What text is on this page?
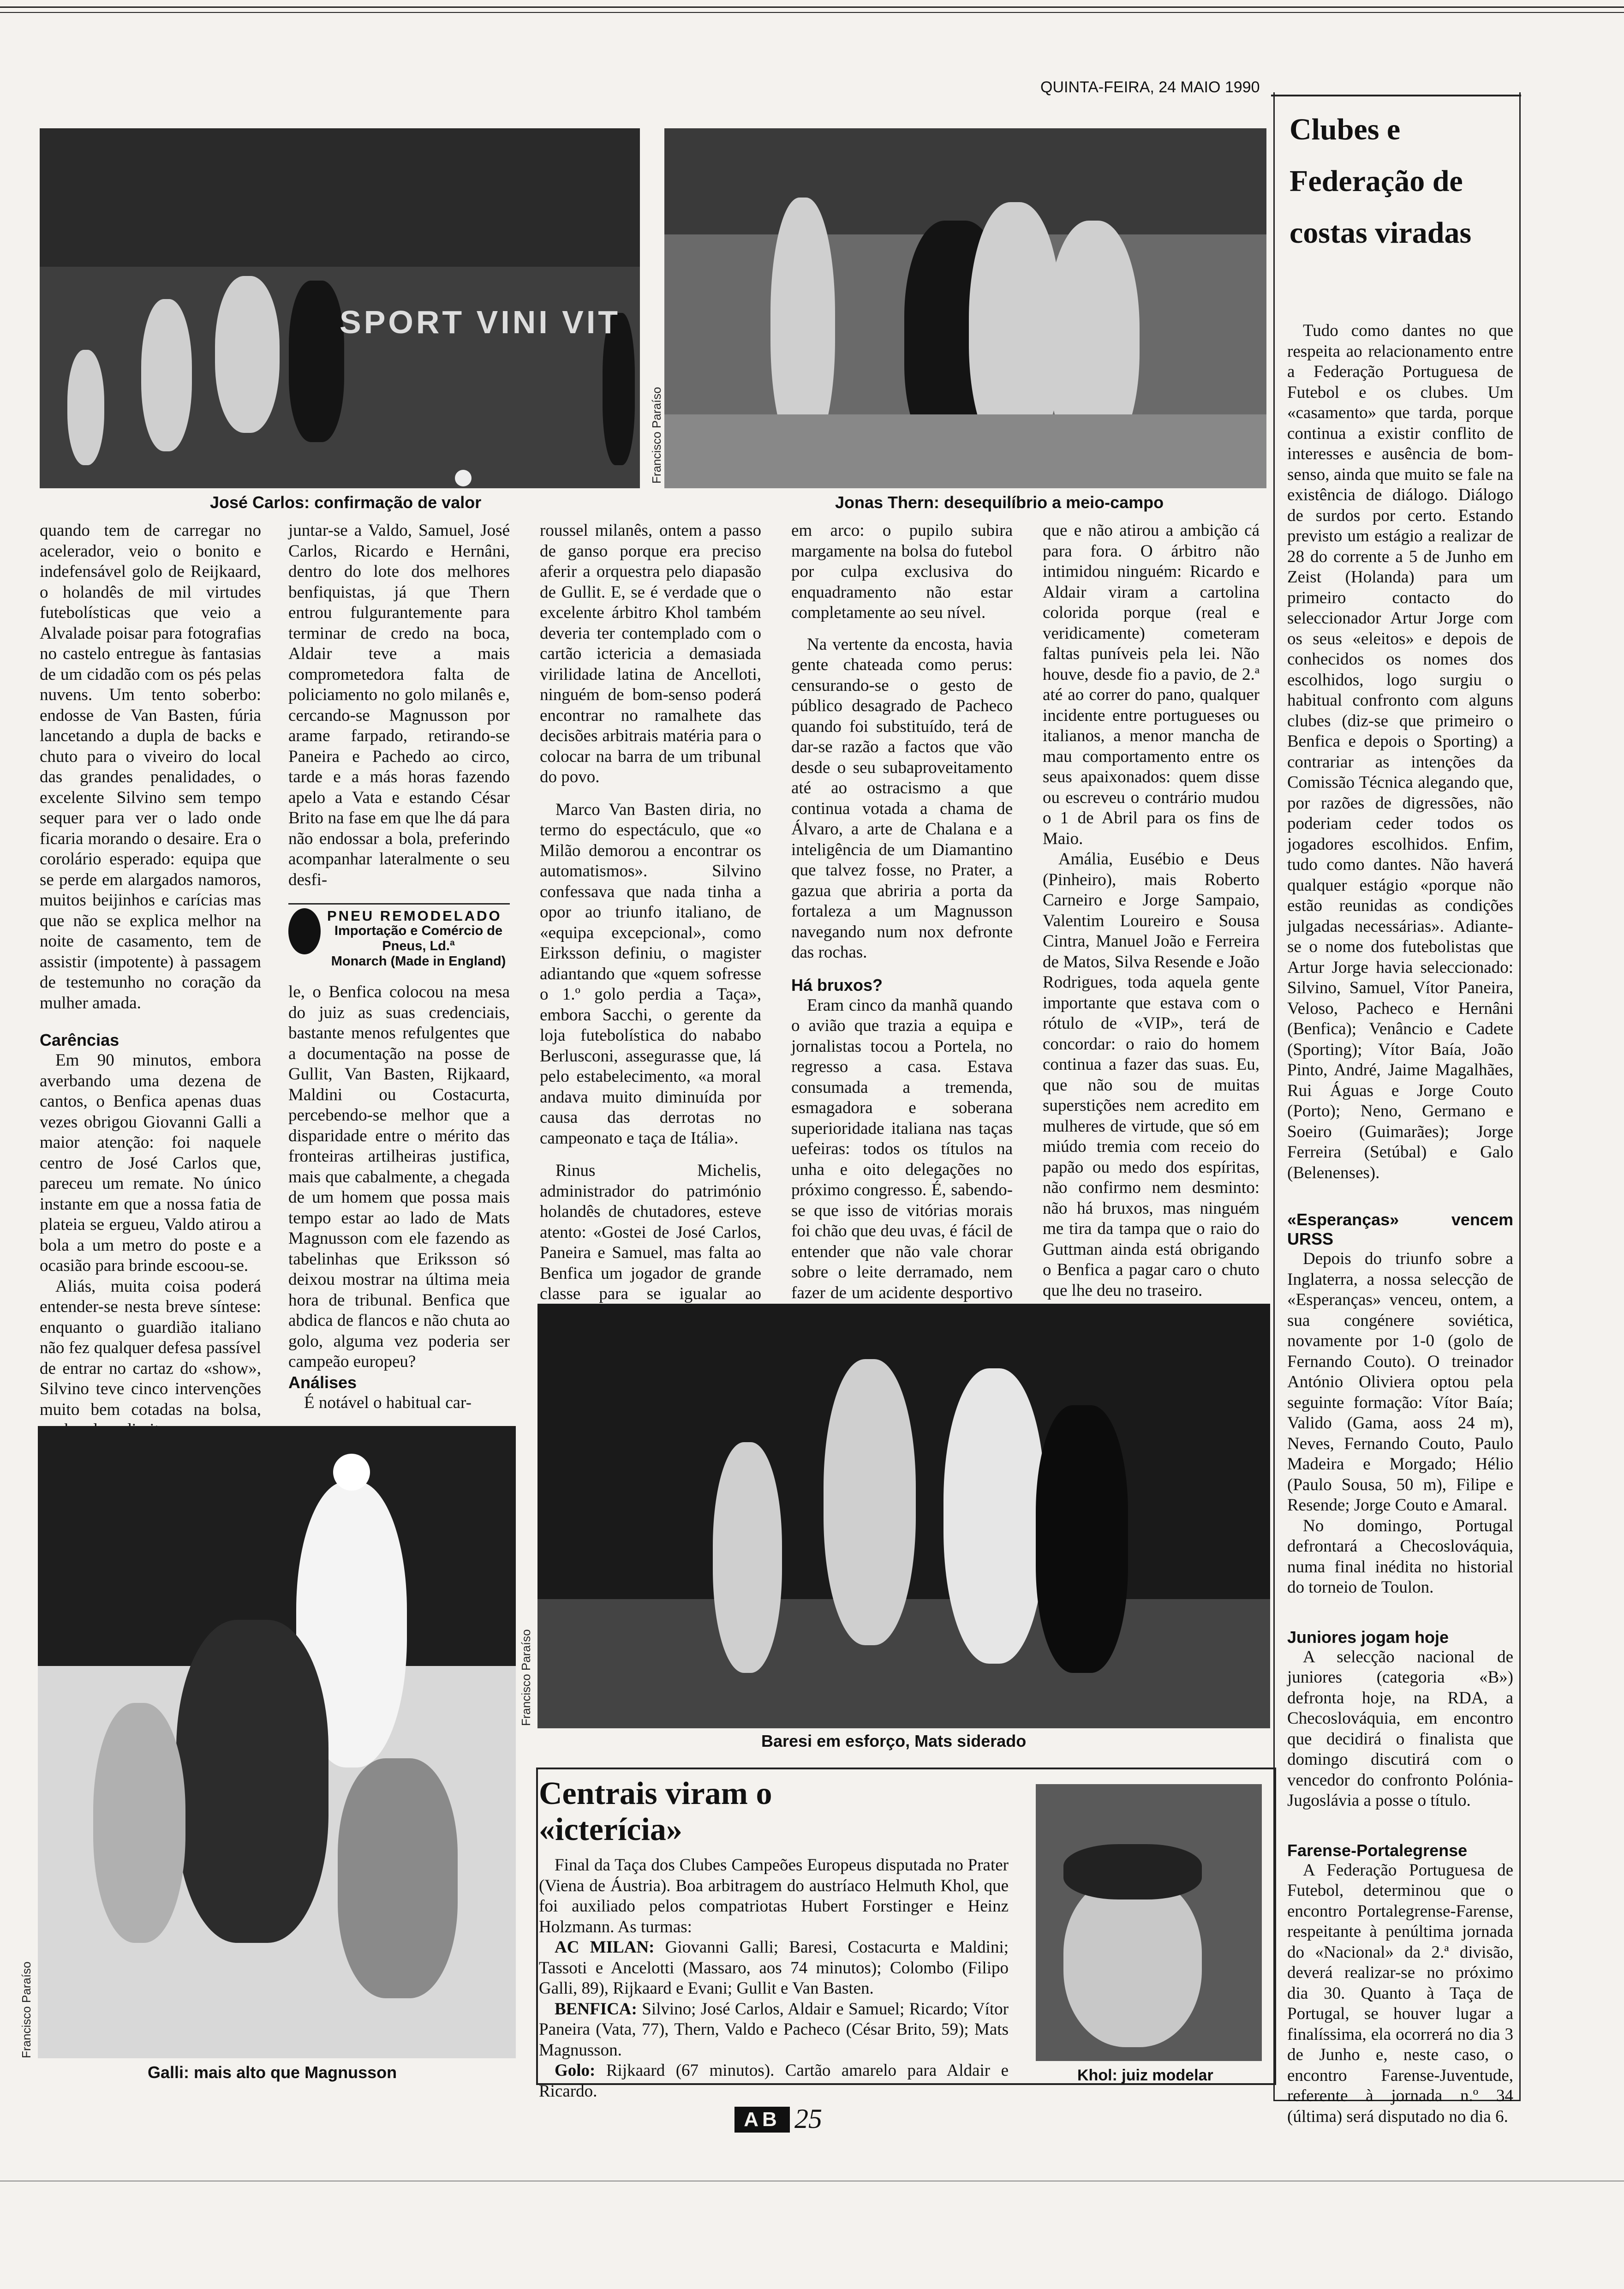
QUINTA-FEIRA, 24 MAIO 1990
SPORT VINI VIT
José Carlos: confirmação de valor
Francisco Paraíso
Jonas Thern: desequilíbrio a meio-campo

quando tem de carregar no acelerador, veio o bonito e indefensável golo de Reijkaard, o holandês de mil virtudes futebolísticas que veio a Alvalade poisar para fotografias no castelo entregue às fantasias de um cidadão com os pés pelas nuvens. Um tento soberbo: endosse de Van Basten, fúria lancetando a dupla de backs e chuto para o viveiro do local das grandes penalidades, o excelente Silvino sem tempo sequer para ver o lado onde ficaria morando o desaire. Era o corolário esperado: equipa que se perde em alargados namoros, muitos beijinhos e carícias mas que não se explica melhor na noite de casamento, tem de assistir (impotente) à passagem de testemunho no coração da mulher amada.

Carências

Em 90 minutos, embora averbando uma dezena de cantos, o Benfica apenas duas vezes obrigou Giovanni Galli a maior atenção: foi naquele centro de José Carlos que, pareceu um remate. No único instante em que a nossa fatia de plateia se ergueu, Valdo atirou a bola a um metro do poste e a ocasião para brinde escoou-se.

Aliás, muita coisa poderá entender-se nesta breve síntese: enquanto o guardião italiano não fez qualquer defesa passível de entrar no cartaz do «show», Silvino teve cinco intervenções muito bem cotadas na bolsa,

juntar-se a Valdo, Samuel, José Carlos, Ricardo e Hernâni, dentro do lote dos melhores benfiquistas, já que Thern entrou fulgurantemente para terminar de credo na boca, Aldair teve a mais comprometedora falta de policiamento no golo milanês e, cercando-se Magnusson por arame farpado, retirando-se Paneira e Pachedo ao circo, tarde e a más horas fazendo apelo a Vata e estando César Brito na fase em que lhe dá para não endossar a bola, preferindo acompanhar lateralmente o seu desfi-

PNEU REMODELADO
Importação e Comércio de Pneus, Ld.ª
Monarch (Made in England)

le, o Benfica colocou na mesa do juiz as suas credenciais, bastante menos refulgentes que a documentação na posse de Gullit, Van Basten, Rijkaard, Maldini ou Costacurta, percebendo-se melhor que a disparidade entre o mérito das fronteiras artilheiras justifica, mais que cabalmente, a chegada de um homem que possa mais tempo estar ao lado de Mats Magnusson com ele fazendo as tabelinhas que Eriksson só deixou mostrar na última meia hora de tribunal. Benfica que abdica de flancos e não chuta ao golo, alguma vez poderia ser campeão europeu?

Análises

É notável o habitual car-

roussel milanês, ontem a passo de ganso porque era preciso aferir a orquestra pelo diapasão de Gullit. E, se é verdade que o excelente árbitro Khol também deveria ter contemplado com o cartão ictericia a demasiada virilidade latina de Ancelloti, ninguém de bom-senso poderá encontrar no ramalhete das decisões arbitrais matéria para o colocar na barra de um tribunal do povo.

Marco Van Basten diria, no termo do espectáculo, que «o Milão demorou a encontrar os automatismos». Silvino confessava que nada tinha a opor ao triunfo italiano, de «equipa excepcional», como Eirksson definiu, o magister adiantando que «quem sofresse o 1.º golo perdia a Taça», embora Sacchi, o gerente da loja futebolística do nababo Berlusconi, assegurasse que, lá pelo estabelecimento, «a moral andava muito diminuída por causa das derrotas no campeonato e taça de Itália».

Rinus Michelis, administrador do património holandês de chutadores, esteve atento: «Gostei de José Carlos, Paneira e Samuel, mas falta ao Benfica um jogador de grande classe para se igualar ao

em arco: o pupilo subira margamente na bolsa do futebol por culpa exclusiva do enquadramento não estar completamente ao seu nível.

Na vertente da encosta, havia gente chateada como perus: censurando-se o gesto de público desagrado de Pacheco quando foi substituído, terá de dar-se razão a factos que vão desde o seu subaproveitamento até ao ostracismo a que continua votada a chama de Álvaro, a arte de Chalana e a inteligência de um Diamantino que talvez fosse, no Prater, a gazua que abriria a porta da fortaleza a um Magnusson navegando num nox defronte das rochas.

Há bruxos?

Eram cinco da manhã quando o avião que trazia a equipa e jornalistas tocou a Portela, no regresso a casa. Estava consumada a tremenda, esmagadora e soberana superioridade italiana nas taças uefeiras: todos os títulos na unha e oito delegações no próximo congresso. É, sabendo-se que isso de vitórias morais foi chão que deu uvas, é fácil de entender que não vale chorar sobre o leite derramado, nem fazer de um acidente desportivo

que e não atirou a ambição cá para fora. O árbitro não intimidou ninguém: Ricardo e Aldair viram a cartolina colorida porque (real e veridicamente) cometeram faltas puníveis pela lei. Não houve, desde fio a pavio, de 2.ª até ao correr do pano, qualquer incidente entre portugueses ou italianos, a menor mancha de mau comportamento entre os seus apaixonados: quem disse ou escreveu o contrário mudou o 1 de Abril para os fins de Maio.

Amália, Eusébio e Deus (Pinheiro), mais Roberto Carneiro e Jorge Sampaio, Valentim Loureiro e Sousa Cintra, Manuel João e Ferreira de Matos, Silva Resende e João Rodrigues, toda aquela gente importante que estava com o rótulo de «VIP», terá de concordar: o raio do homem continua a fazer das suas. Eu, que não sou de muitas superstições nem acredito em mulheres de virtude, que só em miúdo tremia com receio do papão ou medo dos espíritas, não confirmo nem desminto: não há bruxos, mas ninguém me tira da tampa que o raio do Guttman ainda está obrigando o Benfica a pagar caro o chuto que lhe deu no traseiro.

Francisco Paraíso
Galli: mais alto que Magnusson
Francisco Paraíso
Baresi em esforço, Mats siderado
Centrais viram o «icterícia»

Final da Taça dos Clubes Campeões Europeus disputada no Prater (Viena de Áustria). Boa arbitragem do austríaco Helmuth Khol, que foi auxiliado pelos compatriotas Hubert Forstinger e Heinz Holzmann. As turmas:

AC MILAN: Giovanni Galli; Baresi, Costacurta e Maldini; Tassoti e Ancelotti (Massaro, aos 74 minutos); Colombo (Filipo Galli, 89), Rijkaard e Evani; Gullit e Van Basten.

BENFICA: Silvino; José Carlos, Aldair e Samuel; Ricardo; Vítor Paneira (Vata, 77), Thern, Valdo e Pacheco (César Brito, 59); Mats Magnusson.

Golo: Rijkaard (67 minutos). Cartão amarelo para Aldair e Ricardo.

Khol: juiz modelar
Clubes e Federação de costas viradas

Tudo como dantes no que respeita ao relacionamento entre a Federação Portuguesa de Futebol e os clubes. Um «casamento» que tarda, porque continua a existir conflito de interesses e ausência de bom-senso, ainda que muito se fale na existência de diálogo. Diálogo de surdos por certo. Estando previsto um estágio a realizar de 28 do corrente a 5 de Junho em Zeist (Holanda) para um primeiro contacto do seleccionador Artur Jorge com os seus «eleitos» e depois de conhecidos os nomes dos escolhidos, logo surgiu o habitual confronto com alguns clubes (diz-se que primeiro o Benfica e depois o Sporting) a contrariar as intenções da Comissão Técnica alegando que, por razões de digressões, não poderiam ceder todos os jogadores escolhidos. Enfim, tudo como dantes. Não haverá qualquer estágio «porque não estão reunidas as condições julgadas necessárias». Adiante-se o nome dos futebolistas que Artur Jorge havia seleccionado: Silvino, Samuel, Vítor Paneira, Veloso, Pacheco e Hernâni (Benfica); Venâncio e Cadete (Sporting); Vítor Baía, João Pinto, André, Jaime Magalhães, Rui Águas e Jorge Couto (Porto); Neno, Germano e Soeiro (Guimarães); Jorge Ferreira (Setúbal) e Galo (Belenenses).

«Esperanças» vencem URSS

Depois do triunfo sobre a Inglaterra, a nossa selecção de «Esperanças» venceu, ontem, a sua congénere soviética, novamente por 1-0 (golo de Fernando Couto). O treinador António Oliviera optou pela seguinte formação: Vítor Baía; Valido (Gama, aoss 24 m), Neves, Fernando Couto, Paulo Madeira e Morgado; Hélio (Paulo Sousa, 50 m), Filipe e Resende; Jorge Couto e Amaral.

No domingo, Portugal defrontará a Checoslováquia, numa final inédita no historial do torneio de Toulon.

Juniores jogam hoje

A selecção nacional de juniores (categoria «B») defronta hoje, na RDA, a Checoslováquia, em encontro que decidirá o finalista que domingo discutirá com o vencedor do confronto Polónia-Jugoslávia a posse o título.

Farense-Portalegrense

A Federação Portuguesa de Futebol, determinou que o encontro Portalegrense-Farense, respeitante à penúltima jornada do «Nacional» da 2.ª divisão, deverá realizar-se no próximo dia 30. Quanto à Taça de Portugal, se houver lugar a finalíssima, ela ocorrerá no dia 3 de Junho e, neste caso, o encontro Farense-Juventude, referente à jornada n.º 34 (última) será disputado no dia 6.

AB 25
